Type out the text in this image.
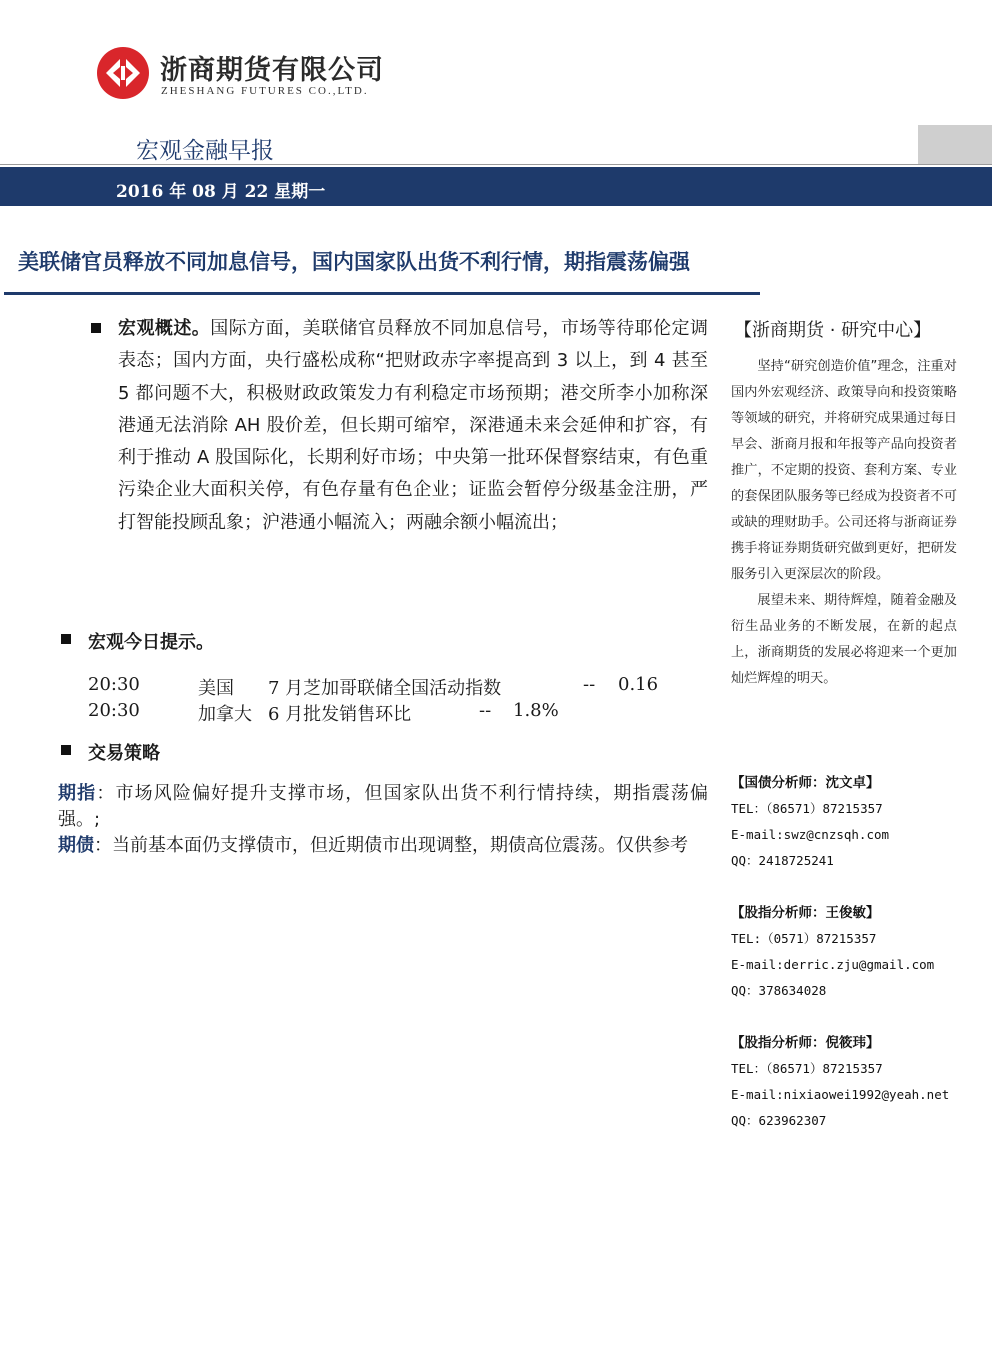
浙商期货有限公司
ZHESHANG FUTURES CO.,LTD.
宏观金融早报
2016 年 08 月 22 星期一
美联储官员释放不同加息信号，国内国家队出货不利行情，期指震荡偏强
宏观概述。国际方面，美联储官员释放不同加息信号，市场等待耶伦定调表态；国内方面，央行盛松成称“把财政赤字率提高到 3 以上，到 4 甚至 5 都问题不大，积极财政政策发力有利稳定市场预期；港交所李小加称深港通无法消除 AH 股价差，但长期可缩窄，深港通未来会延伸和扩容，有利于推动 A 股国际化，长期利好市场；中央第一批环保督察结束，有色重污染企业大面积关停，有色存量有色企业；证监会暂停分级基金注册，严打智能投顾乱象；沪港通小幅流入；两融余额小幅流出；
宏观今日提示。
20:30	美国 7 月芝加哥联储全国活动指数	-- 0.16
20:30	加拿大 6 月批发销售环比	-- 1.8%
交易策略

期指：市场风险偏好提升支撑市场，但国家队出货不利行情持续，期指震荡偏强。;

期债：当前基本面仍支撑债市，但近期债市出现调整，期债高位震荡。仅供参考

【浙商期货 · 研究中心】

坚持“研究创造价值”理念，注重对国内外宏观经济、政策导向和投资策略等领域的研究，并将研究成果通过每日早会、浙商月报和年报等产品向投资者推广，不定期的投资、套利方案、专业的套保团队服务等已经成为投资者不可或缺的理财助手。公司还将与浙商证券携手将证券期货研究做到更好，把研发服务引入更深层次的阶段。

展望未来、期待辉煌，随着金融及衍生品业务的不断发展，在新的起点上，浙商期货的发展必将迎来一个更加灿烂辉煌的明天。

【国债分析师：沈文卓】
TEL：（86571）87215357
E-mail:swz@cnzsqh.com
QQ：2418725241
【股指分析师：王俊敏】
TEL:（0571）87215357
E-mail:derric.zju@gmail.com
QQ：378634028
【股指分析师：倪筱玮】
TEL：（86571）87215357
E-mail:nixiaowei1992@yeah.net
QQ：623962307
